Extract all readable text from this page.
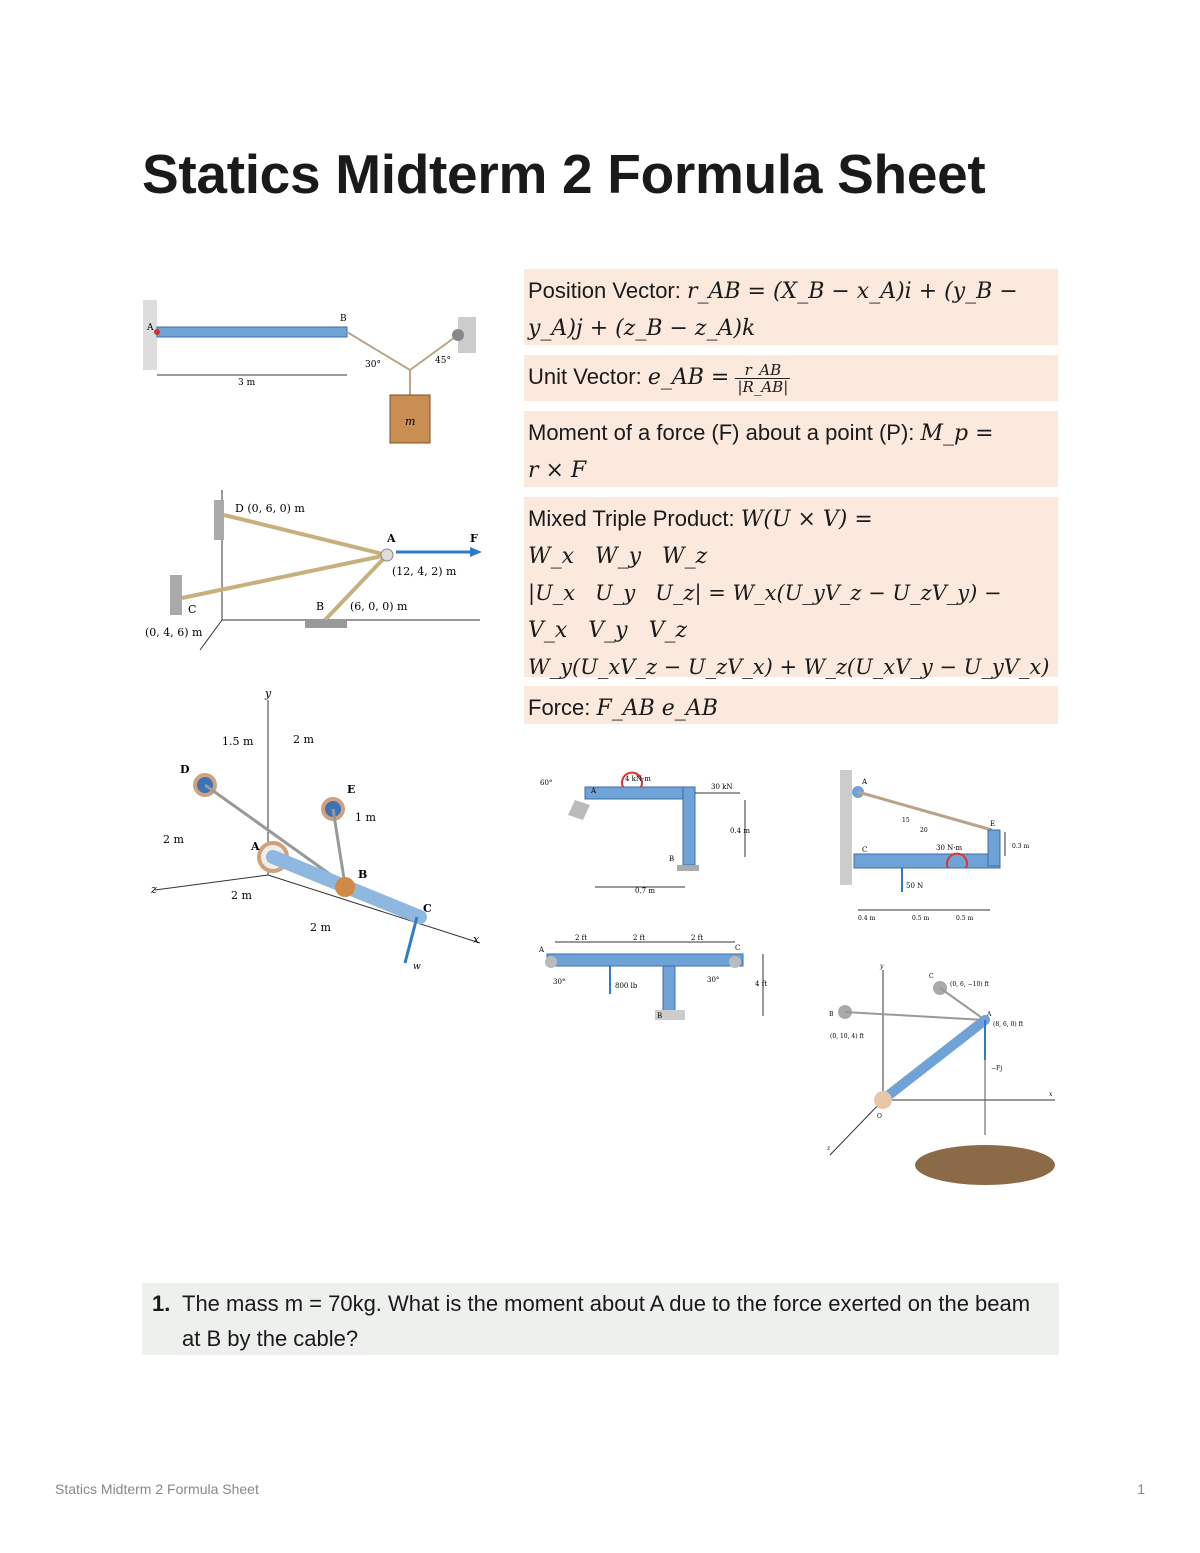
Statics Midterm 2 Formula Sheet
Position Vector: r_AB = (X_B − x_A)i + (y_B −
y_A)j + (z_B − z_A)k
Unit Vector: e_AB = $\frac{r\_AB}{|R\_AB|}$
Moment of a force (F) about a point (P): M_p =
r × F
Mixed Triple Product: W(U × V) =
W_x   W_y   W_z
|U_x   U_y   U_z| = W_x(U_yV_z − U_zV_y) −
V_x   V_y   V_z
W_y(U_xV_z − U_zV_x) + W_z(U_xV_y − U_yV_x)
Force: F_AB e_AB
A
B
3 m
30°	45°
m
D (0, 6, 0) m
A	F
(12, 4, 2) m
B (6, 0, 0) m
C
(0, 4, 6) m
y
1.5 m	2 m
D
E
1 m
2 m
A
B
C
2 m
2 m
z
x
w
60°
A
4 kN·m
30 kN
B
0.4 m
0.7 m
A
C
15
20
30 N·m
E
0.3 m
50 N
0.4 m	0.5 m	0.5 m
2 ft	2 ft	2 ft
A	C
30°	800 lb
30°	4 ft
B
y
C
(0, 6, −10) ft
B	A
(8, 6, 0) ft
(0, 10, 4) ft
−Fj
O
x
z
1. The mass m = 70kg. What is the moment about A due to the force exerted on the beam at B by the cable?
Statics Midterm 2 Formula Sheet	1
